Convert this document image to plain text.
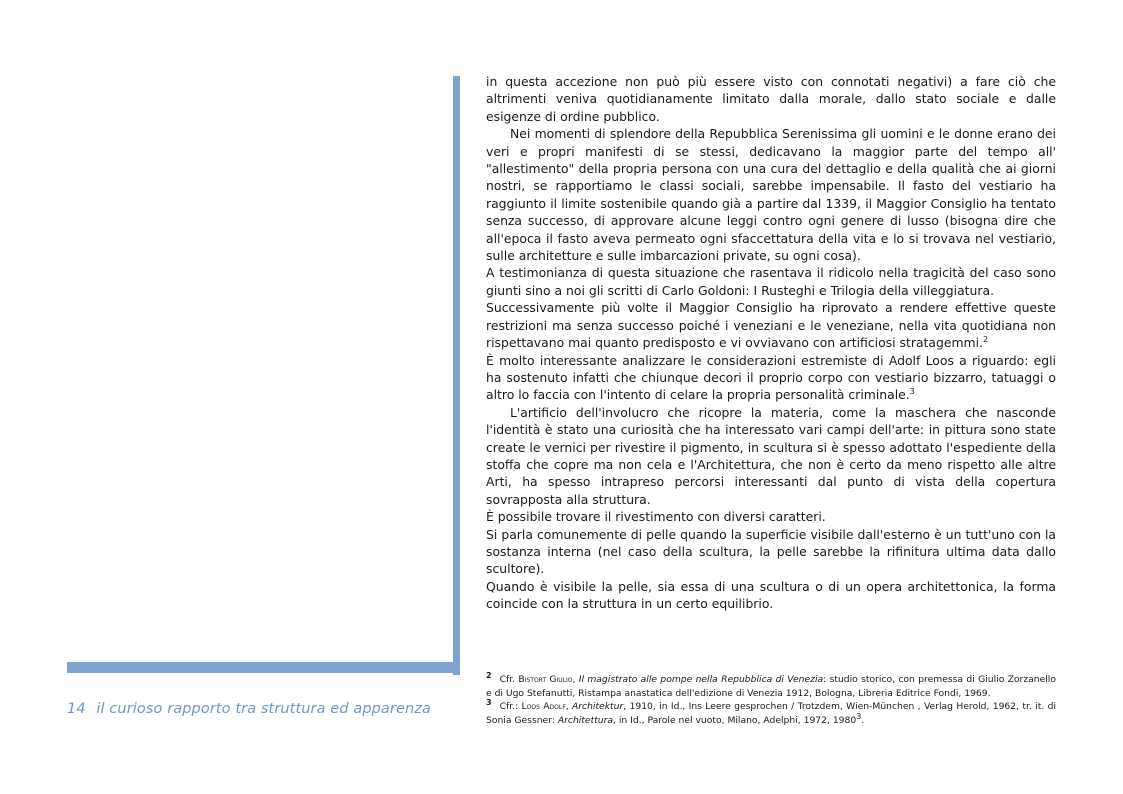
14 il curioso rapporto tra struttura ed apparenza

in questa accezione non può più essere visto con connotati negativi) a fare ciò che altrimenti veniva quotidianamente limitato dalla morale, dallo stato sociale e dalle esigenze di ordine pubblico.

Nei momenti di splendore della Repubblica Serenissima gli uomini e le donne erano dei veri e propri manifesti di se stessi, dedicavano la maggior parte del tempo all' "allestimento" della propria persona con una cura del dettaglio e della qualità che ai giorni nostri, se rapportiamo le classi sociali, sarebbe impensabile. Il fasto del vestiario ha raggiunto il limite sostenibile quando già a partire dal 1339, il Maggior Consiglio ha tentato senza successo, di approvare alcune leggi contro ogni genere di lusso (bisogna dire che all'epoca il fasto aveva permeato ogni sfaccettatura della vita e lo si trovava nel vestiario, sulle architetture e sulle imbarcazioni private, su ogni cosa).

A testimonianza di questa situazione che rasentava il ridicolo nella tragicità del caso sono giunti sino a noi gli scritti di Carlo Goldoni: I Rusteghi e Trilogia della villeggiatura.

Successivamente più volte il Maggior Consiglio ha riprovato a rendere effettive queste restrizioni ma senza successo poiché i veneziani e le veneziane, nella vita quotidiana non rispettavano mai quanto predisposto e vi ovviavano con artificiosi stratagemmi.$^2$

È molto interessante analizzare le considerazioni estremiste di Adolf Loos a riguardo: egli ha sostenuto infatti che chiunque decori il proprio corpo con vestiario bizzarro, tatuaggi o altro lo faccia con l'intento di celare la propria personalità criminale.$^3$

L'artificio dell'involucro che ricopre la materia, come la maschera che nasconde l'identità è stato una curiosità che ha interessato vari campi dell'arte: in pittura sono state create le vernici per rivestire il pigmento, in scultura si è spesso adottato l'espediente della stoffa che copre ma non cela e l'Architettura, che non è certo da meno rispetto alle altre Arti, ha spesso intrapreso percorsi interessanti dal punto di vista della copertura sovrapposta alla struttura.

È possibile trovare il rivestimento con diversi caratteri.

Si parla comunemente di pelle quando la superficie visibile dall'esterno è un tutt'uno con la sostanza interna (nel caso della scultura, la pelle sarebbe la rifinitura ultima data dallo scultore).

Quando è visibile la pelle, sia essa di una scultura o di un opera architettonica, la forma coincide con la struttura in un certo equilibrio.

$^2$ Cfr. Bistort Giulio, Il magistrato alle pompe nella Repubblica di Venezia: studio storico, con premessa di Giulio Zorzanello e di Ugo Stefanutti, Ristampa anastatica dell'edizione di Venezia 1912, Bologna, Libreria Editrice Fondi, 1969.

$^3$ Cfr.: Loos Adolf, Architektur, 1910, in Id., Ins Leere gesprochen / Trotzdem, Wien-München , Verlag Herold, 1962, tr. it. di Sonia Gessner: Architettura, in Id., Parole nel vuoto, Milano, Adelphi, 1972, 1980$^3$.
